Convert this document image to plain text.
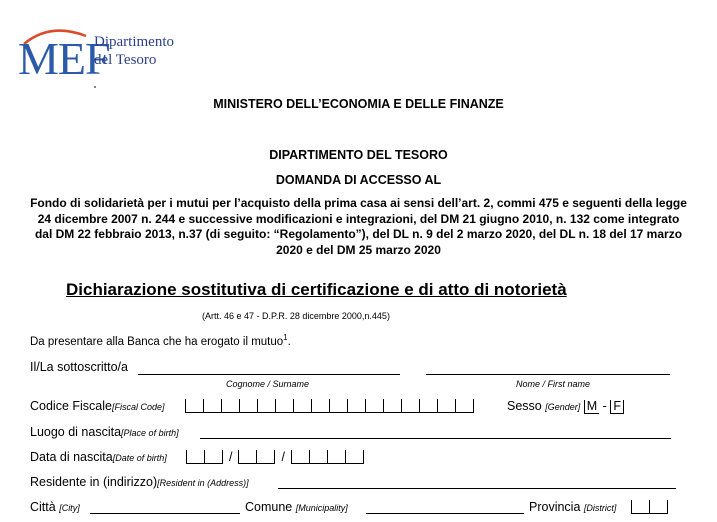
MEF
Dipartimento
del Tesoro
MINISTERO DELL’ECONOMIA E DELLE FINANZE
DIPARTIMENTO DEL TESORO
DOMANDA DI ACCESSO AL
Fondo di solidarietà per i mutui per l’acquisto della prima casa ai sensi dell’art. 2, commi 475 e seguenti della legge 24 dicembre 2007 n. 244 e successive modificazioni e integrazioni, del DM 21 giugno 2010, n. 132 come integrato dal DM 22 febbraio 2013, n.37 (di seguito: “Regolamento”), del DL n. 9 del 2 marzo 2020, del DL n. 18 del 17 marzo 2020 e del DM 25 marzo 2020
Dichiarazione sostitutiva di certificazione e di atto di notorietà
(Artt. 46 e 47 - D.P.R. 28 dicembre 2000,n.445)
Da presentare alla Banca che ha erogato il mutuo$^1$.
Il/La sottoscritto/a
Cognome / Surname	Nome / First name
Codice Fiscale[Fiscal Code]	Sesso [Gender] M - F
Luogo di nascita[Place of birth]
Data di nascita[Date of birth]	/	/
Residente in (indirizzo)[Resident in (Address)]
Città [City]	Comune [Municipality]	Provincia [District]
